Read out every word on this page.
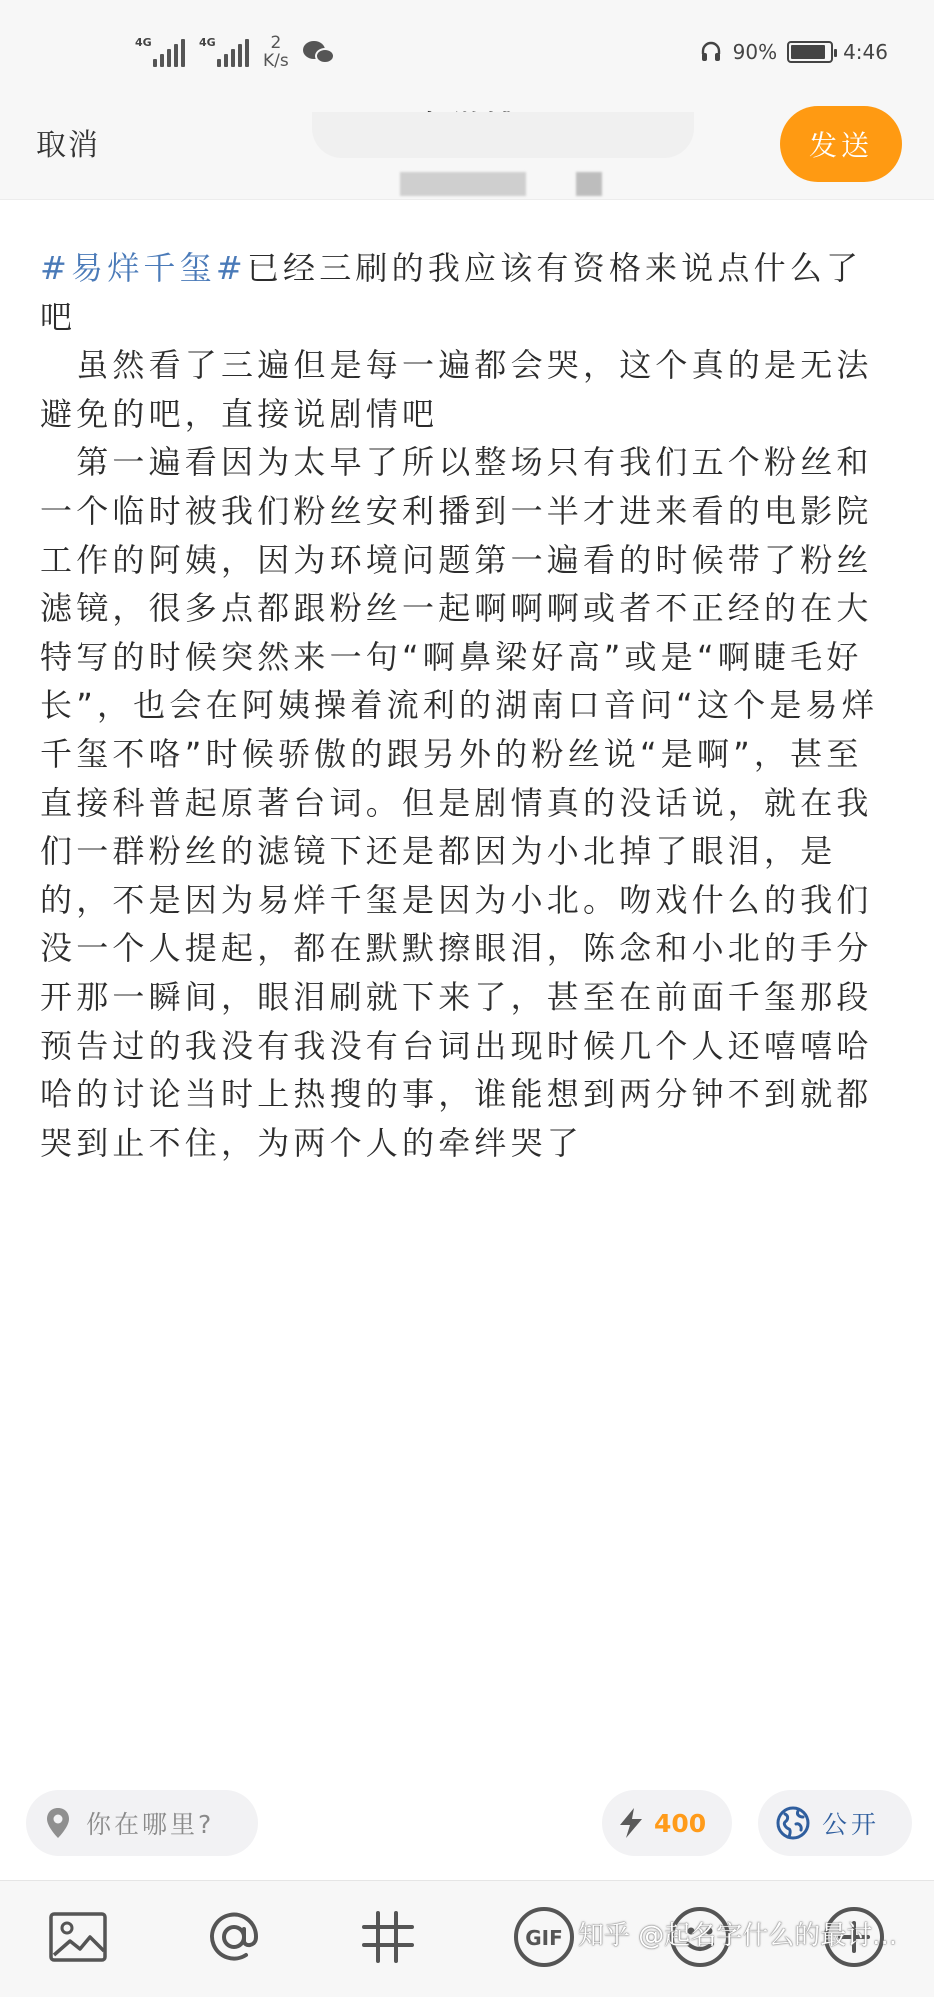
4G	4G	2
K/s	90%	4:46
取消	发送

#易烊千玺#已经三刷的我应该有资格来说点什么了吧

　虽然看了三遍但是每一遍都会哭，这个真的是无法避免的吧，直接说剧情吧

　第一遍看因为太早了所以整场只有我们五个粉丝和一个临时被我们粉丝安利播到一半才进来看的电影院工作的阿姨，因为环境问题第一遍看的时候带了粉丝滤镜，很多点都跟粉丝一起啊啊啊或者不正经的在大特写的时候突然来一句“啊鼻梁好高”或是“啊睫毛好长”，也会在阿姨操着流利的湖南口音问“这个是易烊千玺不咯”时候骄傲的跟另外的粉丝说“是啊”，甚至直接科普起原著台词。但是剧情真的没话说，就在我们一群粉丝的滤镜下还是都因为小北掉了眼泪，是的，不是因为易烊千玺是因为小北。吻戏什么的我们没一个人提起，都在默默擦眼泪，陈念和小北的手分开那一瞬间，眼泪刷就下来了，甚至在前面千玺那段预告过的我没有我没有台词出现时候几个人还嘻嘻哈哈的讨论当时上热搜的事，谁能想到两分钟不到就都哭到止不住，为两个人的牵绊哭了

你在哪里?	400	公开
GIF 知乎 @起名字什么的最讨...
